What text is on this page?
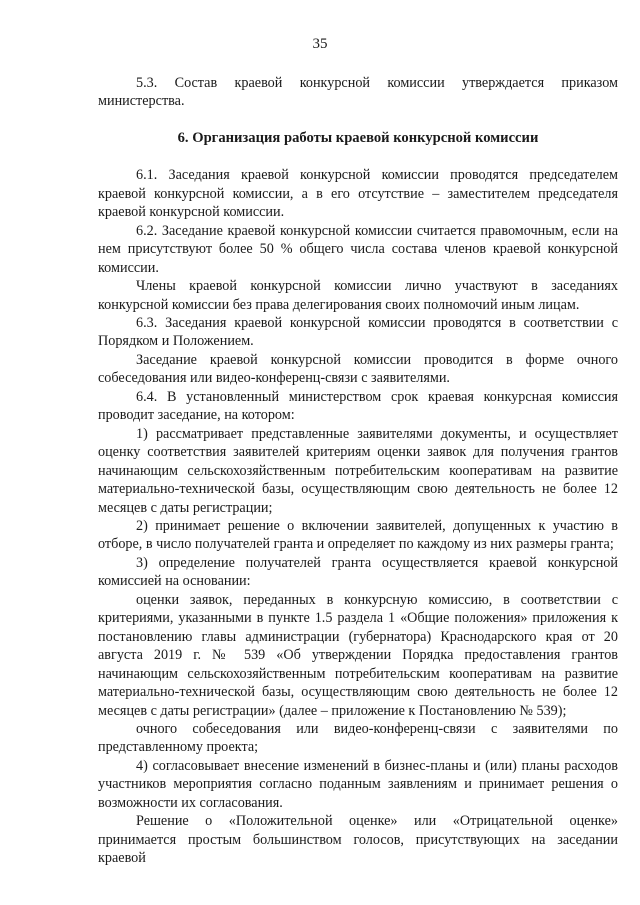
35

5.3. Состав краевой конкурсной комиссии утверждается приказом министерства.

6. Организация работы краевой конкурсной комиссии

6.1. Заседания краевой конкурсной комиссии проводятся председателем краевой конкурсной комиссии, а в его отсутствие – заместителем председателя краевой конкурсной комиссии.

6.2. Заседание краевой конкурсной комиссии считается правомочным, если на нем присутствуют более 50 % общего числа состава членов краевой конкурсной комиссии.

Члены краевой конкурсной комиссии лично участвуют в заседаниях конкурсной комиссии без права делегирования своих полномочий иным лицам.

6.3. Заседания краевой конкурсной комиссии проводятся в соответствии с Порядком и Положением.

Заседание краевой конкурсной комиссии проводится в форме очного собеседования или видео-конференц-связи с заявителями.

6.4. В установленный министерством срок краевая конкурсная комиссия проводит заседание, на котором:

1) рассматривает представленные заявителями документы, и осуществляет оценку соответствия заявителей критериям оценки заявок для получения грантов начинающим сельскохозяйственным потребительским кооперативам на развитие материально-технической базы, осуществляющим свою деятельность не более 12 месяцев с даты регистрации;

2) принимает решение о включении заявителей, допущенных к участию в отборе, в число получателей гранта и определяет по каждому из них размеры гранта;

3) определение получателей гранта осуществляется краевой конкурсной комиссией на основании:

оценки заявок, переданных в конкурсную комиссию, в соответствии с критериями, указанными в пункте 1.5 раздела 1 «Общие положения» приложения к постановлению главы администрации (губернатора) Краснодарского края от 20 августа 2019 г. № 539 «Об утверждении Порядка предоставления грантов начинающим сельскохозяйственным потребительским кооперативам на развитие материально-технической базы, осуществляющим свою деятельность не более 12 месяцев с даты регистрации» (далее – приложение к Постановлению № 539);

очного собеседования или видео-конференц-связи с заявителями по представленному проекта;

4) согласовывает внесение изменений в бизнес-планы и (или) планы расходов участников мероприятия согласно поданным заявлениям и принимает решения о возможности их согласования.

Решение о «Положительной оценке» или «Отрицательной оценке» принимается простым большинством голосов, присутствующих на заседании краевой
